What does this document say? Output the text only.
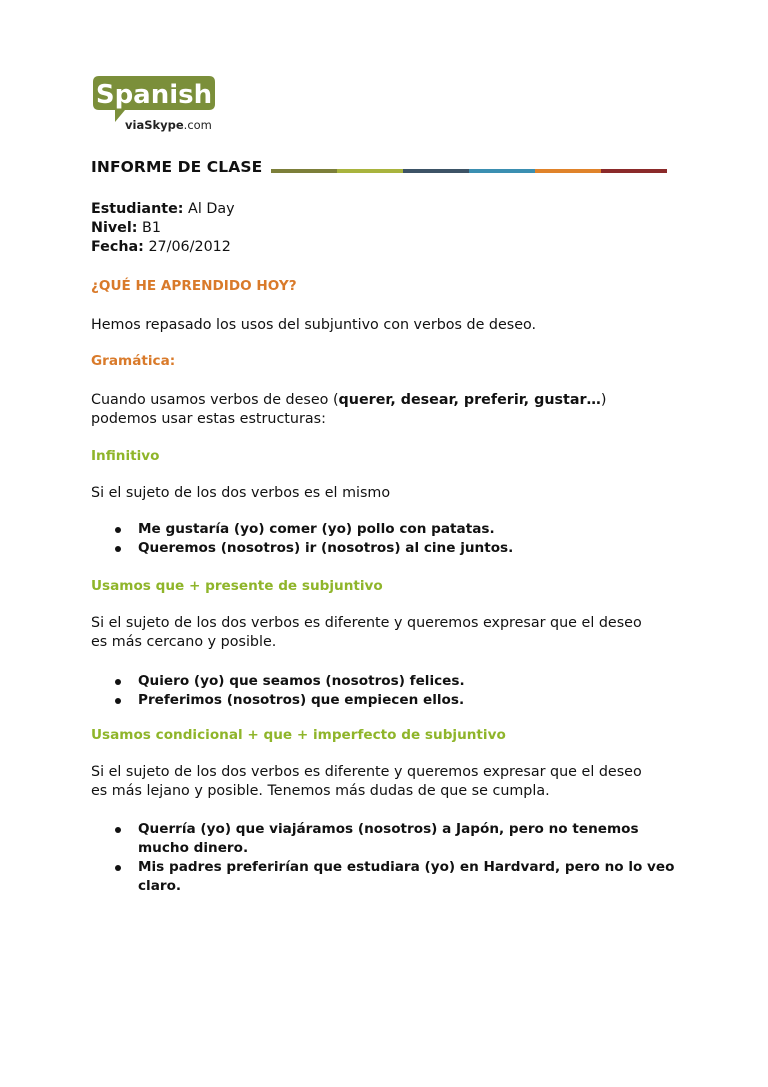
Spanish
viaSkype.com
INFORME DE CLASE
Estudiante: Al Day
Nivel: B1
Fecha: 27/06/2012
¿QUÉ HE APRENDIDO HOY?
Hemos repasado los usos del subjuntivo con verbos de deseo.
Gramática:
Cuando usamos verbos de deseo (querer, desear, preferir, gustar…)
podemos usar estas estructuras:
Infinitivo
Si el sujeto de los dos verbos es el mismo
Me gustaría (yo) comer (yo) pollo con patatas.
Queremos (nosotros) ir (nosotros) al cine juntos.
Usamos que + presente de subjuntivo
Si el sujeto de los dos verbos es diferente y queremos expresar que el deseo
es más cercano y posible.
Quiero (yo) que seamos (nosotros) felices.
Preferimos (nosotros) que empiecen ellos.
Usamos condicional + que + imperfecto de subjuntivo
Si el sujeto de los dos verbos es diferente y queremos expresar que el deseo
es más lejano y posible. Tenemos más dudas de que se cumpla.
Querría (yo) que viajáramos (nosotros) a Japón, pero no tenemos
mucho dinero.
Mis padres preferirían que estudiara (yo) en Hardvard, pero no lo veo
claro.
